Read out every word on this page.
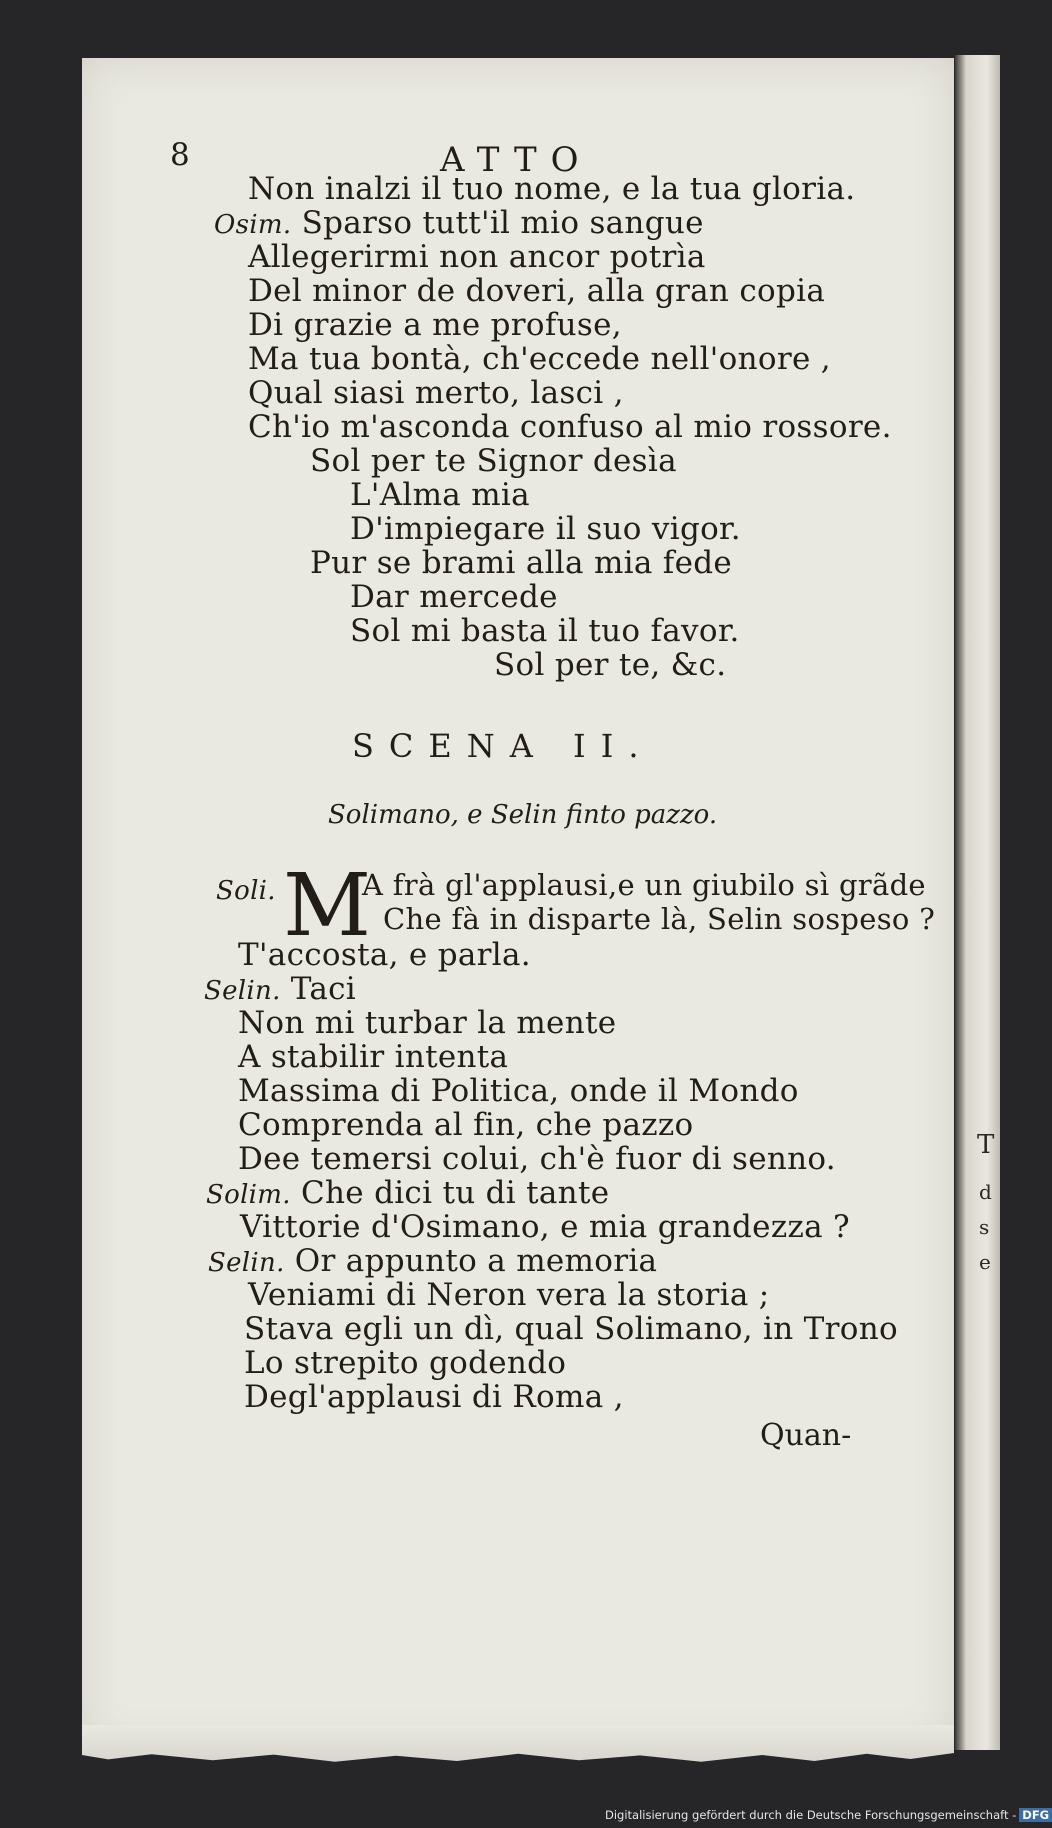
T
d
s
e
8	ATTO
Non inalzi il tuo nome, e la tua gloria.
Osim. Sparso tutt'il mio sangue
Allegerirmi non ancor potrìa
Del minor de doveri, alla gran copia
Di grazie a me profuse,
Ma tua bontà, ch'eccede nell'onore ,
Qual siasi merto, lasci ,
Ch'io m'asconda confuso al mio rossore.
Sol per te Signor desìa
L'Alma mia
D'impiegare il suo vigor.
Pur se brami alla mia fede
Dar mercede
Sol mi basta il tuo favor.
Sol per te, &c.
SCENA II.
Solimano, e Selin finto pazzo.
Soli. M
A frà gl'applausi,e un giubilo sì grãde
Che fà in disparte là, Selin sospeso ?
T'accosta, e parla.
Selin. Taci
Non mi turbar la mente
A stabilir intenta
Massima di Politica, onde il Mondo
Comprenda al fin, che pazzo
Dee temersi colui, ch'è fuor di senno.
Solim. Che dici tu di tante
Vittorie d'Osimano, e mia grandezza ?
Selin. Or appunto a memoria
Veniami di Neron vera la storia ;
Stava egli un dì, qual Solimano, in Trono
Lo strepito godendo
Degl'applausi di Roma ,
Quan-
Digitalisierung gefördert durch die Deutsche Forschungsgemeinschaft - DFG
